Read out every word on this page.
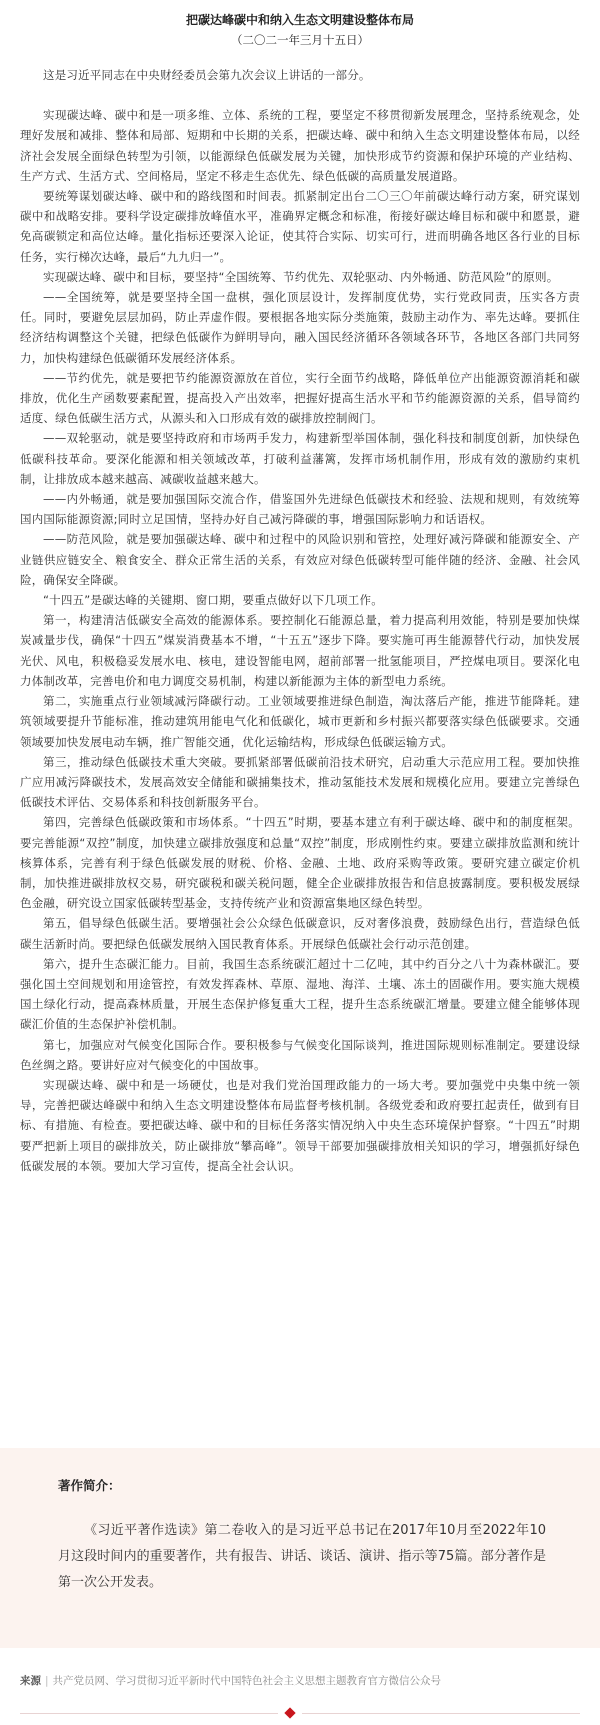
把碳达峰碳中和纳入生态文明建设整体布局

（二〇二一年三月十五日）

这是习近平同志在中央财经委员会第九次会议上讲话的一部分。

实现碳达峰、碳中和是一项多维、立体、系统的工程，要坚定不移贯彻新发展理念，坚持系统观念，处理好发展和减排、整体和局部、短期和中长期的关系，把碳达峰、碳中和纳入生态文明建设整体布局，以经济社会发展全面绿色转型为引领，以能源绿色低碳发展为关键，加快形成节约资源和保护环境的产业结构、生产方式、生活方式、空间格局，坚定不移走生态优先、绿色低碳的高质量发展道路。

要统筹谋划碳达峰、碳中和的路线图和时间表。抓紧制定出台二〇三〇年前碳达峰行动方案，研究谋划碳中和战略安排。要科学设定碳排放峰值水平，准确界定概念和标准，衔接好碳达峰目标和碳中和愿景，避免高碳锁定和高位达峰。量化指标还要深入论证，使其符合实际、切实可行，进而明确各地区各行业的目标任务，实行梯次达峰，最后“九九归一”。

实现碳达峰、碳中和目标，要坚持“全国统筹、节约优先、双轮驱动、内外畅通、防范风险”的原则。

——全国统筹，就是要坚持全国一盘棋，强化顶层设计，发挥制度优势，实行党政同责，压实各方责任。同时，要避免层层加码，防止弄虚作假。要根据各地实际分类施策，鼓励主动作为、率先达峰。要抓住经济结构调整这个关键，把绿色低碳作为鲜明导向，融入国民经济循环各领域各环节，各地区各部门共同努力，加快构建绿色低碳循环发展经济体系。

——节约优先，就是要把节约能源资源放在首位，实行全面节约战略，降低单位产出能源资源消耗和碳排放，优化生产函数要素配置，提高投入产出效率，把握好提高生活水平和节约能源资源的关系，倡导简约适度、绿色低碳生活方式，从源头和入口形成有效的碳排放控制阀门。

——双轮驱动，就是要坚持政府和市场两手发力，构建新型举国体制，强化科技和制度创新，加快绿色低碳科技革命。要深化能源和相关领域改革，打破利益藩篱，发挥市场机制作用，形成有效的激励约束机制，让排放成本越来越高、减碳收益越来越大。

——内外畅通，就是要加强国际交流合作，借鉴国外先进绿色低碳技术和经验、法规和规则，有效统筹国内国际能源资源;同时立足国情，坚持办好自己减污降碳的事，增强国际影响力和话语权。

——防范风险，就是要加强碳达峰、碳中和过程中的风险识别和管控，处理好减污降碳和能源安全、产业链供应链安全、粮食安全、群众正常生活的关系，有效应对绿色低碳转型可能伴随的经济、金融、社会风险，确保安全降碳。

“十四五”是碳达峰的关键期、窗口期，要重点做好以下几项工作。

第一，构建清洁低碳安全高效的能源体系。要控制化石能源总量，着力提高利用效能，特别是要加快煤炭减量步伐，确保“十四五”煤炭消费基本不增，“十五五”逐步下降。要实施可再生能源替代行动，加快发展光伏、风电，积极稳妥发展水电、核电，建设智能电网，超前部署一批氢能项目，严控煤电项目。要深化电力体制改革，完善电价和电力调度交易机制，构建以新能源为主体的新型电力系统。

第二，实施重点行业领域减污降碳行动。工业领域要推进绿色制造，淘汰落后产能，推进节能降耗。建筑领域要提升节能标准，推动建筑用能电气化和低碳化，城市更新和乡村振兴都要落实绿色低碳要求。交通领域要加快发展电动车辆，推广智能交通，优化运输结构，形成绿色低碳运输方式。

第三，推动绿色低碳技术重大突破。要抓紧部署低碳前沿技术研究，启动重大示范应用工程。要加快推广应用减污降碳技术，发展高效安全储能和碳捕集技术，推动氢能技术发展和规模化应用。要建立完善绿色低碳技术评估、交易体系和科技创新服务平台。

第四，完善绿色低碳政策和市场体系。“十四五”时期，要基本建立有利于碳达峰、碳中和的制度框架。要完善能源“双控”制度，加快建立碳排放强度和总量“双控”制度，形成刚性约束。要建立碳排放监测和统计核算体系，完善有利于绿色低碳发展的财税、价格、金融、土地、政府采购等政策。要研究建立碳定价机制，加快推进碳排放权交易，研究碳税和碳关税问题，健全企业碳排放报告和信息披露制度。要积极发展绿色金融，研究设立国家低碳转型基金，支持传统产业和资源富集地区绿色转型。

第五，倡导绿色低碳生活。要增强社会公众绿色低碳意识，反对奢侈浪费，鼓励绿色出行，营造绿色低碳生活新时尚。要把绿色低碳发展纳入国民教育体系。开展绿色低碳社会行动示范创建。

第六，提升生态碳汇能力。目前，我国生态系统碳汇超过十二亿吨，其中约百分之八十为森林碳汇。要强化国土空间规划和用途管控，有效发挥森林、草原、湿地、海洋、土壤、冻土的固碳作用。要实施大规模国土绿化行动，提高森林质量，开展生态保护修复重大工程，提升生态系统碳汇增量。要建立健全能够体现碳汇价值的生态保护补偿机制。

第七，加强应对气候变化国际合作。要积极参与气候变化国际谈判，推进国际规则标准制定。要建设绿色丝绸之路。要讲好应对气候变化的中国故事。

实现碳达峰、碳中和是一场硬仗，也是对我们党治国理政能力的一场大考。要加强党中央集中统一领导，完善把碳达峰碳中和纳入生态文明建设整体布局监督考核机制。各级党委和政府要扛起责任，做到有目标、有措施、有检查。要把碳达峰、碳中和的目标任务落实情况纳入中央生态环境保护督察。“十四五”时期要严把新上项目的碳排放关，防止碳排放“攀高峰”。领导干部要加强碳排放相关知识的学习，增强抓好绿色低碳发展的本领。要加大学习宣传，提高全社会认识。

著作简介：

《习近平著作选读》第二卷收入的是习近平总书记在2017年10月至2022年10月这段时间内的重要著作，共有报告、讲话、谈话、演讲、指示等75篇。部分著作是第一次公开发表。

来源 | 共产党员网、学习贯彻习近平新时代中国特色社会主义思想主题教育官方微信公众号
